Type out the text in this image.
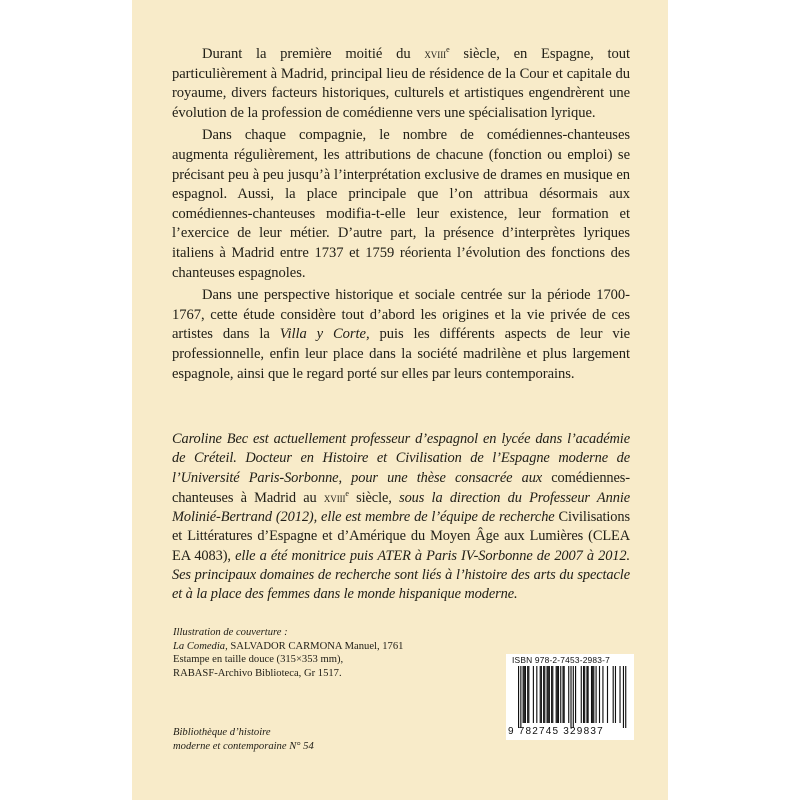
Durant la première moitié du xviii$^e$ siècle, en Espagne, tout particulièrement à Madrid, principal lieu de résidence de la Cour et capitale du royaume, divers facteurs historiques, culturels et artistiques engendrèrent une évolution de la profession de comédienne vers une spécialisation lyrique.

Dans chaque compagnie, le nombre de comédiennes-chanteuses augmenta régulièrement, les attributions de chacune (fonction ou emploi) se précisant peu à peu jusqu’à l’interprétation exclusive de drames en musique en espagnol. Aussi, la place principale que l’on attribua désormais aux comédiennes-chanteuses modifia-t-elle leur existence, leur formation et l’exercice de leur métier. D’autre part, la présence d’interprètes lyriques italiens à Madrid entre 1737 et 1759 réorienta l’évolution des fonctions des chanteuses espagnoles.

Dans une perspective historique et sociale centrée sur la période 1700-1767, cette étude considère tout d’abord les origines et la vie privée de ces artistes dans la Villa y Corte, puis les différents aspects de leur vie professionnelle, enfin leur place dans la société madrilène et plus largement espagnole, ainsi que le regard porté sur elles par leurs contemporains.

Caroline Bec est actuellement professeur d’espagnol en lycée dans l’académie de Créteil. Docteur en Histoire et Civilisation de l’Espagne moderne de l’Université Paris-Sorbonne, pour une thèse consacrée aux comédiennes-chanteuses à Madrid au xviii$^e$ siècle, sous la direction du Professeur Annie Molinié-Bertrand (2012), elle est membre de l’équipe de recherche Civilisations et Littératures d’Espagne et d’Amérique du Moyen Âge aux Lumières (CLEA EA 4083), elle a été monitrice puis ATER à Paris IV-Sorbonne de 2007 à 2012. Ses principaux domaines de recherche sont liés à l’histoire des arts du spectacle et à la place des femmes dans le monde hispanique moderne.
Illustration de couverture :
La Comedia, SALVADOR CARMONA Manuel, 1761
Estampe en taille douce (315×353 mm),
RABASF-Archivo Biblioteca, Gr 1517.
Bibliothèque d’histoire
moderne et contemporaine N° 54
ISBN 978-2-7453-2983-7
9 782745 329837
